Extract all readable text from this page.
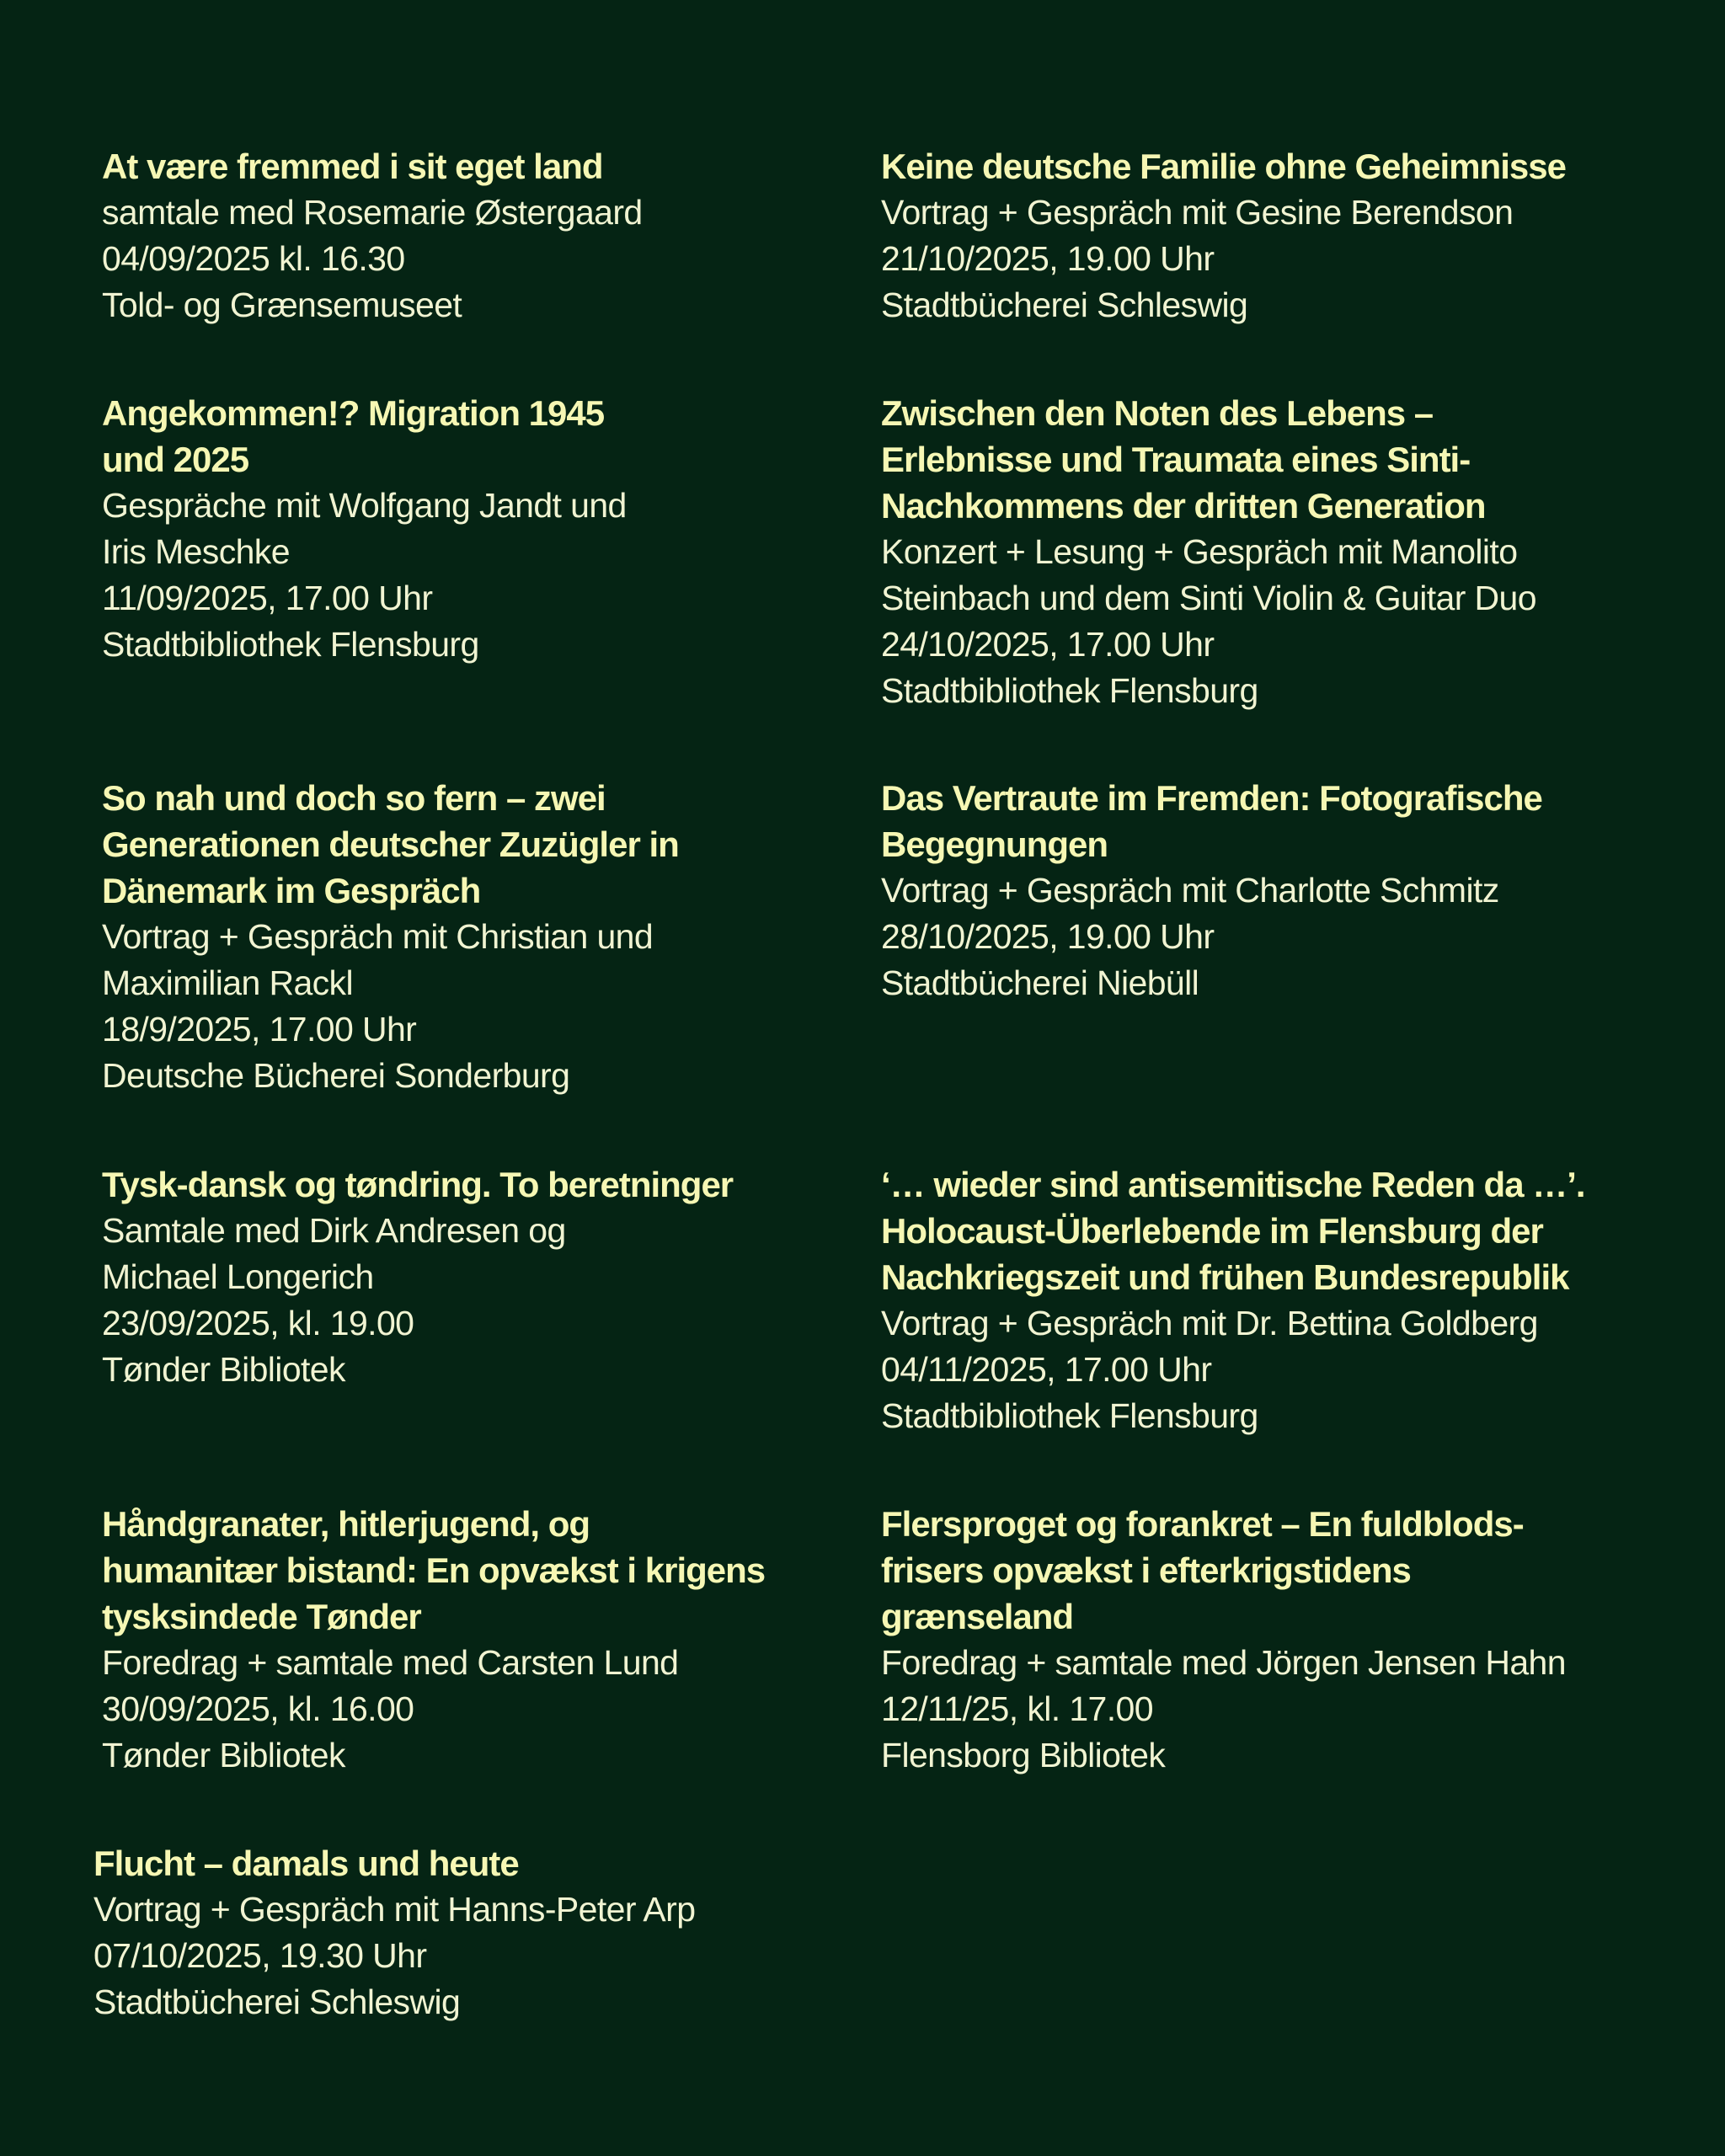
At være fremmed i sit eget land

samtale med Rosemarie Østergaard

04/09/2025 kl. 16.30

Told- og Grænsemuseet

Angekommen!? Migration 1945
und 2025

Gespräche mit Wolfgang Jandt und
Iris Meschke

11/09/2025, 17.00 Uhr

Stadtbibliothek Flensburg

So nah und doch so fern – zwei
Generationen deutscher Zuzügler in
Dänemark im Gespräch

Vortrag + Gespräch mit Christian und
Maximilian Rackl

18/9/2025, 17.00 Uhr

Deutsche Bücherei Sonderburg

Tysk-dansk og tøndring. To beretninger

Samtale med Dirk Andresen og
Michael Longerich

23/09/2025, kl. 19.00

Tønder Bibliotek

Håndgranater, hitlerjugend, og
humanitær bistand: En opvækst i krigens
tysksindede Tønder

Foredrag + samtale med Carsten Lund

30/09/2025, kl. 16.00

Tønder Bibliotek

Flucht – damals und heute

Vortrag + Gespräch mit Hanns-Peter Arp

07/10/2025, 19.30 Uhr

Stadtbücherei Schleswig

Keine deutsche Familie ohne Geheimnisse

Vortrag + Gespräch mit Gesine Berendson

21/10/2025, 19.00 Uhr

Stadtbücherei Schleswig

Zwischen den Noten des Lebens –
Erlebnisse und Traumata eines Sinti-
Nachkommens der dritten Generation

Konzert + Lesung + Gespräch mit Manolito
Steinbach und dem Sinti Violin & Guitar Duo

24/10/2025, 17.00 Uhr

Stadtbibliothek Flensburg

Das Vertraute im Fremden: Fotografische
Begegnungen

Vortrag + Gespräch mit Charlotte Schmitz

28/10/2025, 19.00 Uhr

Stadtbücherei Niebüll

‘… wieder sind antisemitische Reden da …’.
Holocaust-Überlebende im Flensburg der
Nachkriegszeit und frühen Bundesrepublik

Vortrag + Gespräch mit Dr. Bettina Goldberg

04/11/2025, 17.00 Uhr

Stadtbibliothek Flensburg

Flersproget og forankret – En fuldblods-
frisers opvækst i efterkrigstidens
grænseland

Foredrag + samtale med Jörgen Jensen Hahn

12/11/25, kl. 17.00

Flensborg Bibliotek
